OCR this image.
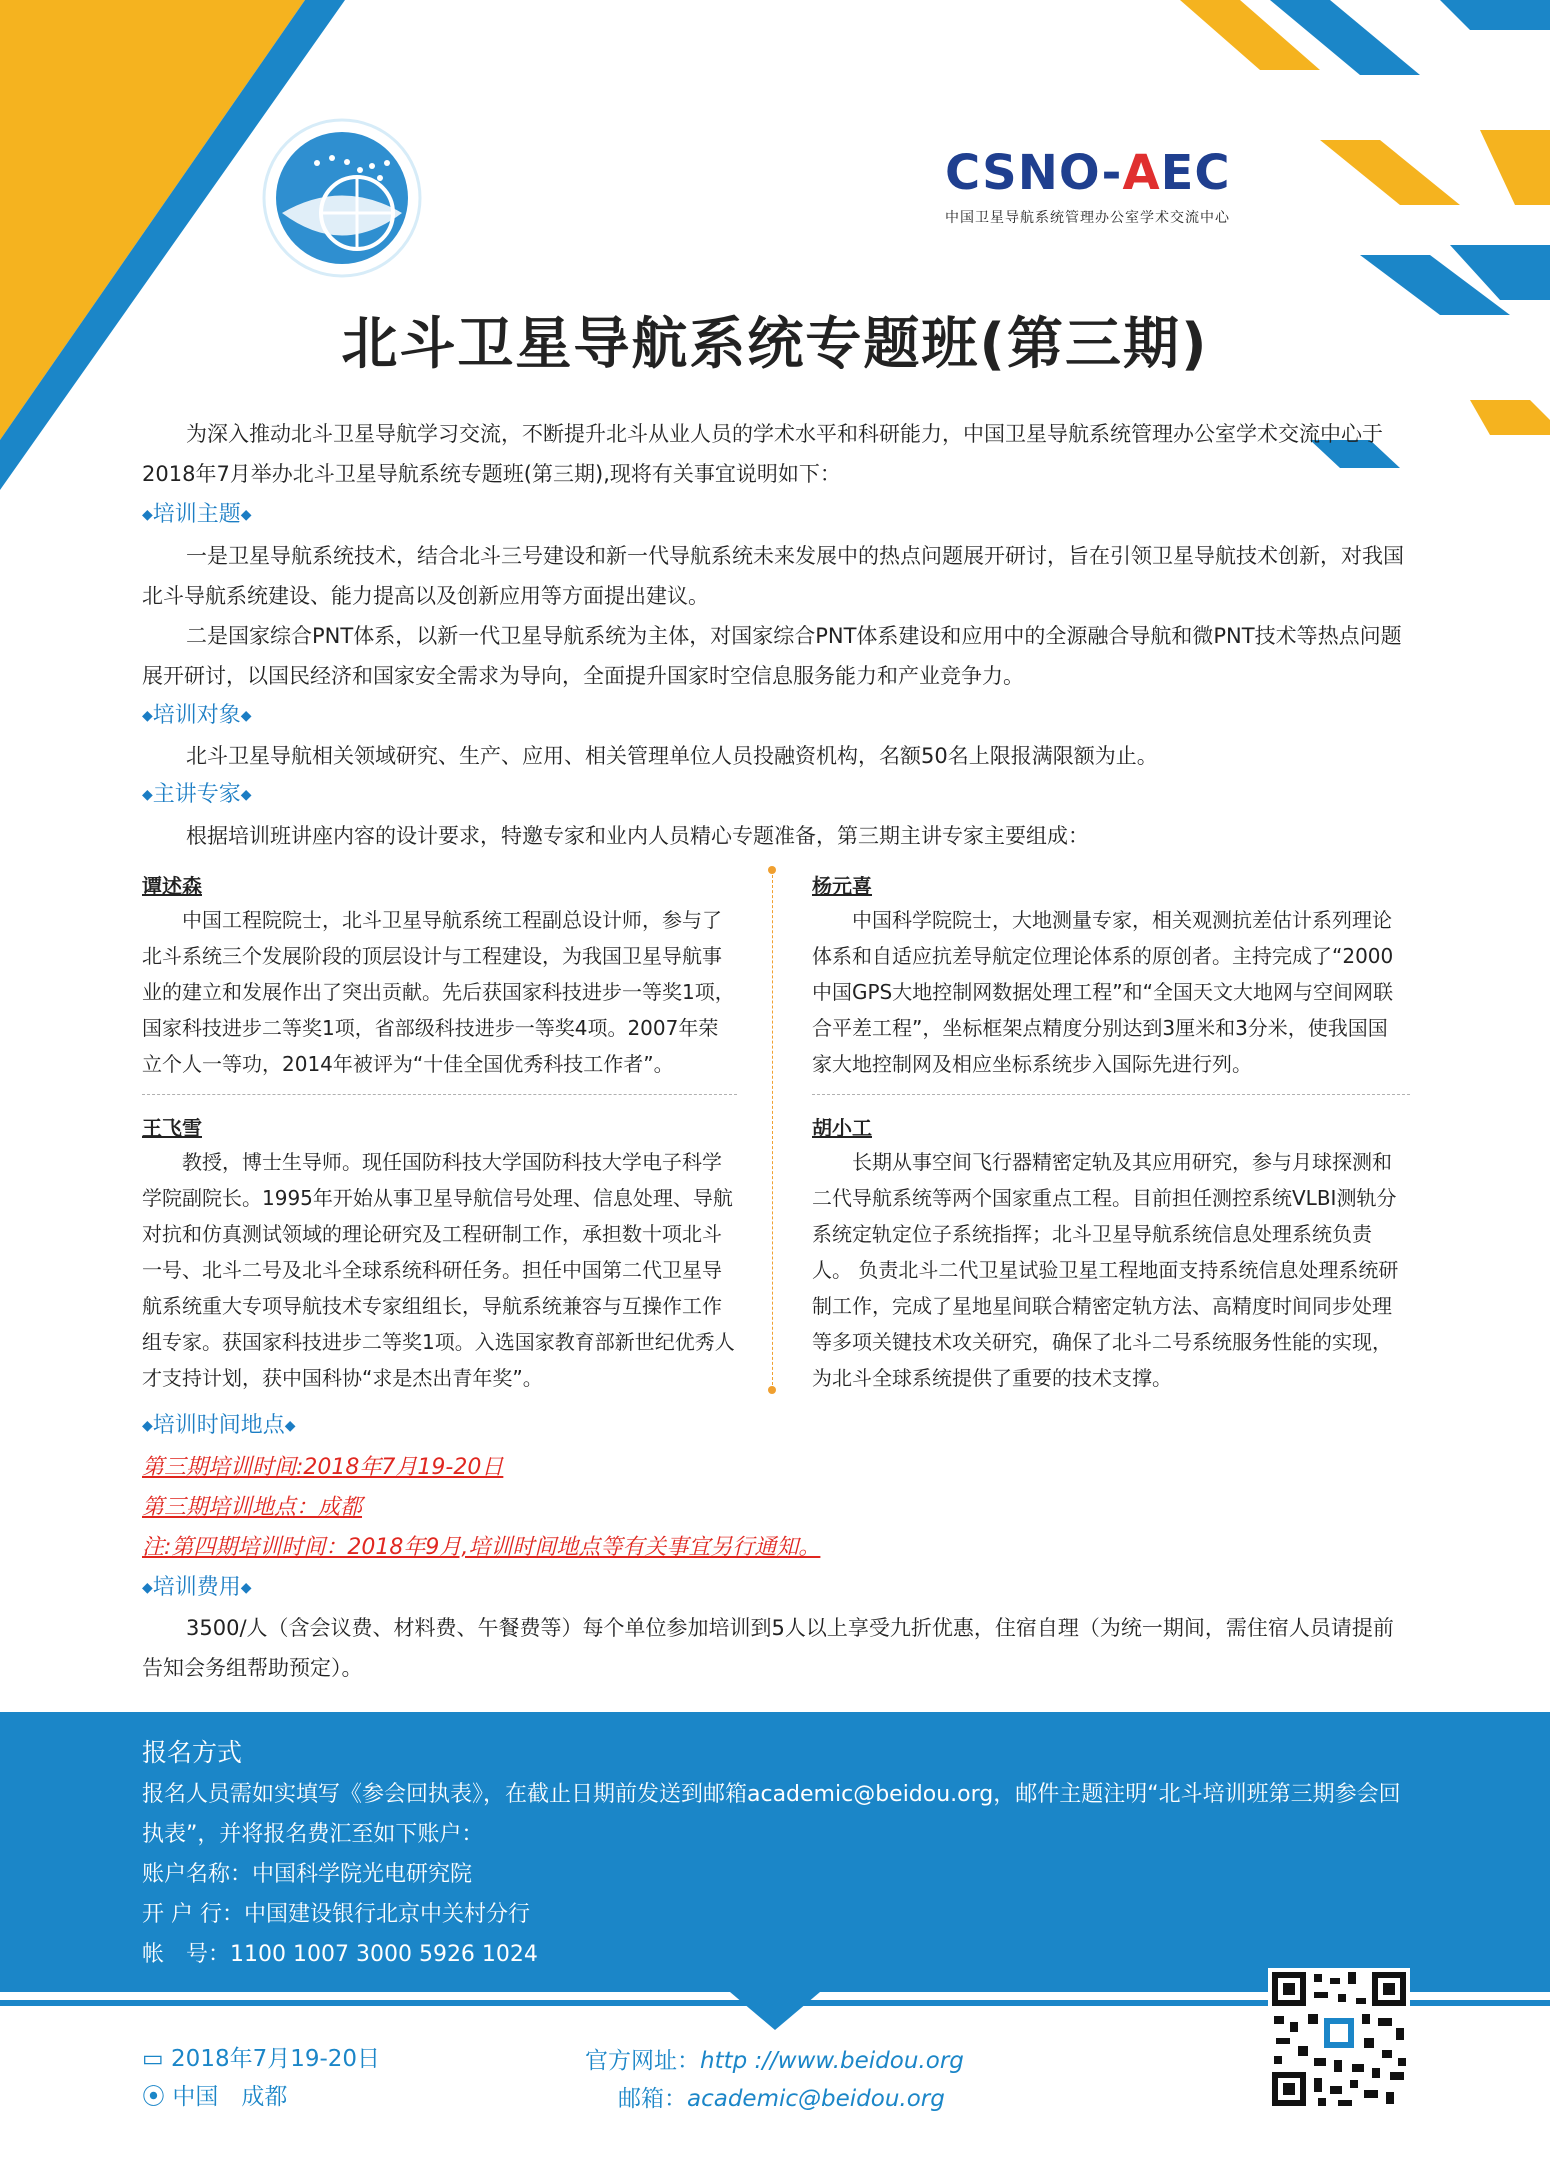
CSNO-AEC
中国卫星导航系统管理办公室学术交流中心
北斗卫星导航系统专题班(第三期)

为深入推动北斗卫星导航学习交流，不断提升北斗从业人员的学术水平和科研能力，中国卫星导航系统管理办公室学术交流中心于2018年7月举办北斗卫星导航系统专题班(第三期),现将有关事宜说明如下：

◆培训主题◆

一是卫星导航系统技术，结合北斗三号建设和新一代导航系统未来发展中的热点问题展开研讨，旨在引领卫星导航技术创新，对我国北斗导航系统建设、能力提高以及创新应用等方面提出建议。

二是国家综合PNT体系，以新一代卫星导航系统为主体，对国家综合PNT体系建设和应用中的全源融合导航和微PNT技术等热点问题展开研讨，以国民经济和国家安全需求为导向，全面提升国家时空信息服务能力和产业竞争力。

◆培训对象◆

北斗卫星导航相关领域研究、生产、应用、相关管理单位人员投融资机构，名额50名上限报满限额为止。

◆主讲专家◆

根据培训班讲座内容的设计要求，特邀专家和业内人员精心专题准备，第三期主讲专家主要组成：

谭述森

中国工程院院士，北斗卫星导航系统工程副总设计师，参与了北斗系统三个发展阶段的顶层设计与工程建设，为我国卫星导航事业的建立和发展作出了突出贡献。先后获国家科技进步一等奖1项，国家科技进步二等奖1项，省部级科技进步一等奖4项。2007年荣立个人一等功，2014年被评为“十佳全国优秀科技工作者”。

杨元喜

中国科学院院士，大地测量专家，相关观测抗差估计系列理论体系和自适应抗差导航定位理论体系的原创者。主持完成了“2000中国GPS大地控制网数据处理工程”和“全国天文大地网与空间网联合平差工程”，坐标框架点精度分别达到3厘米和3分米，使我国国家大地控制网及相应坐标系统步入国际先进行列。

王飞雪

教授，博士生导师。现任国防科技大学国防科技大学电子科学学院副院长。1995年开始从事卫星导航信号处理、信息处理、导航对抗和仿真测试领域的理论研究及工程研制工作，承担数十项北斗一号、北斗二号及北斗全球系统科研任务。担任中国第二代卫星导航系统重大专项导航技术专家组组长，导航系统兼容与互操作工作组专家。获国家科技进步二等奖1项。入选国家教育部新世纪优秀人才支持计划，获中国科协“求是杰出青年奖”。

胡小工

长期从事空间飞行器精密定轨及其应用研究，参与月球探测和二代导航系统等两个国家重点工程。目前担任测控系统VLBI测轨分系统定轨定位子系统指挥；北斗卫星导航系统信息处理系统负责人。 负责北斗二代卫星试验卫星工程地面支持系统信息处理系统研制工作，完成了星地星间联合精密定轨方法、高精度时间同步处理等多项关键技术攻关研究，确保了北斗二号系统服务性能的实现，为北斗全球系统提供了重要的技术支撑。

◆培训时间地点◆
第三期培训时间:2018年7月19-20日
第三期培训地点：成都
注:第四期培训时间：2018年9月,培训时间地点等有关事宜另行通知。
◆培训费用◆

3500/人（含会议费、材料费、午餐费等）每个单位参加培训到5人以上享受九折优惠，住宿自理（为统一期间，需住宿人员请提前告知会务组帮助预定）。

报名方式
报名人员需如实填写《参会回执表》，在截止日期前发送到邮箱academic@beidou.org，邮件主题注明“北斗培训班第三期参会回执表”，并将报名费汇至如下账户：
账户名称：中国科学院光电研究院
开 户 行：中国建设银行北京中关村分行
帐　号：1100 1007 3000 5926 1024
▭ 2018年7月19-20日
⦿ 中国　成都
官方网址：http ://www.beidou.org
邮箱：academic@beidou.org
